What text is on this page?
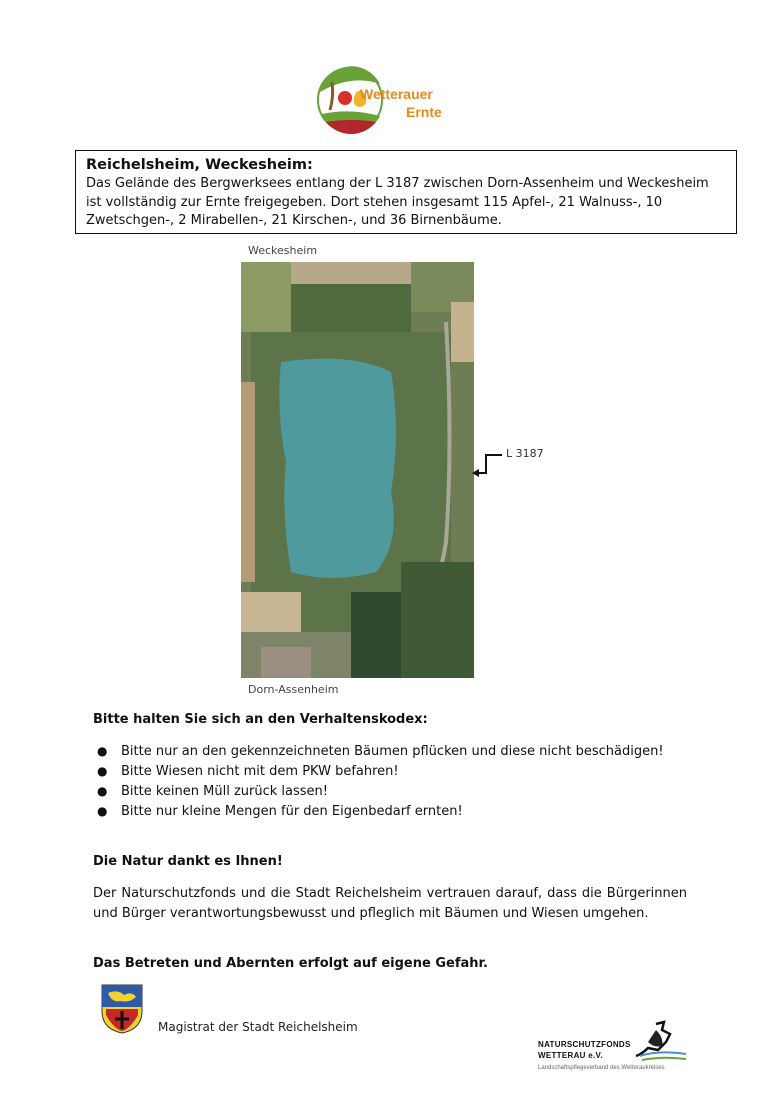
Wetterauer
Ernte
Reichelsheim, Weckesheim:
Das Gelände des Bergwerksees entlang der L 3187 zwischen Dorn-Assenheim und Weckesheim ist vollständig zur Ernte freigegeben. Dort stehen insgesamt 115 Apfel-, 21 Walnuss-, 10 Zwetschgen-, 2 Mirabellen-, 21 Kirschen-, und 36 Birnenbäume.
Weckesheim
Dorn-Assenheim
L 3187
Bitte halten Sie sich an den Verhaltenskodex:
● Bitte nur an den gekennzeichneten Bäumen pflücken und diese nicht beschädigen!
● Bitte Wiesen nicht mit dem PKW befahren!
● Bitte keinen Müll zurück lassen!
● Bitte nur kleine Mengen für den Eigenbedarf ernten!
Die Natur dankt es Ihnen!
Der Naturschutzfonds und die Stadt Reichelsheim vertrauen darauf, dass die Bürgerinnen und Bürger verantwortungsbewusst und pfleglich mit Bäumen und Wiesen umgehen.
Das Betreten und Abernten erfolgt auf eigene Gefahr.
Magistrat der Stadt Reichelsheim
NATURSCHUTZFONDS
WETTERAU e.V.
Landschaftspflegeverband des Wetteraukreises
